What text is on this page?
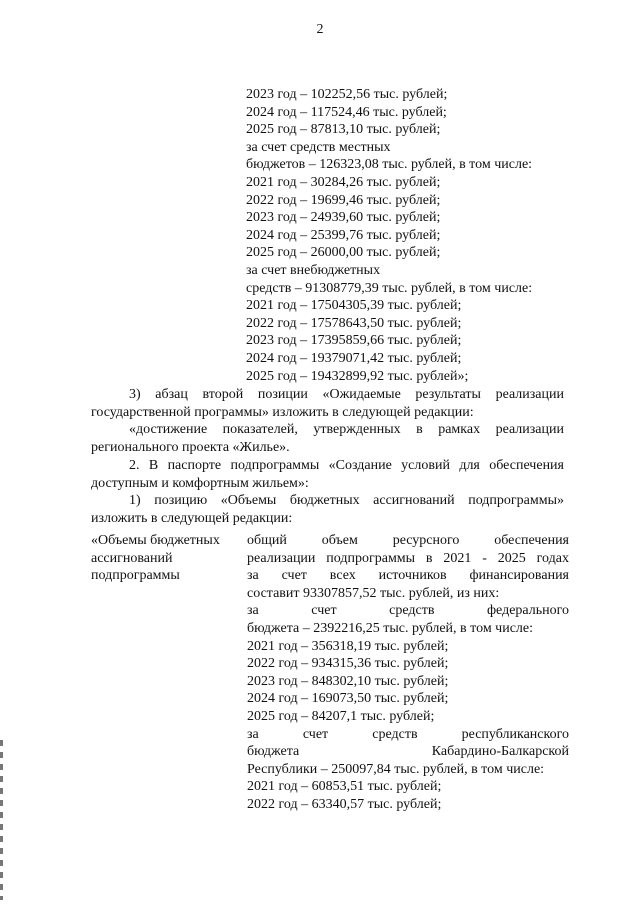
2
2023 год – 102252,56 тыс. рублей;
2024 год – 117524,46 тыс. рублей;
2025 год – 87813,10 тыс. рублей;
за счет средств местных
бюджетов – 126323,08 тыс. рублей, в том числе:
2021 год – 30284,26 тыс. рублей;
2022 год – 19699,46 тыс. рублей;
2023 год – 24939,60 тыс. рублей;
2024 год – 25399,76 тыс. рублей;
2025 год – 26000,00 тыс. рублей;
за счет внебюджетных
средств – 91308779,39 тыс. рублей, в том числе:
2021 год – 17504305,39 тыс. рублей;
2022 год – 17578643,50 тыс. рублей;
2023 год – 17395859,66 тыс. рублей;
2024 год – 19379071,42 тыс. рублей;
2025 год – 19432899,92 тыс. рублей»;
3) абзац второй позиции «Ожидаемые результаты реализации государственной программы» изложить в следующей редакции:
«достижение показателей, утвержденных в рамках реализации регионального проекта «Жилье».
2. В паспорте подпрограммы «Создание условий для обеспечения доступным и комфортным жильем»:
1) позицию «Объемы бюджетных ассигнований подпрограммы» изложить в следующей редакции:
«Объемы бюджетных
ассигнований
подпрограммы
общий объем ресурсного обеспечения
реализации подпрограммы в 2021 - 2025 годах
за счет всех источников финансирования
составит 93307857,52 тыс. рублей, из них:
за счет средств федерального
бюджета – 2392216,25 тыс. рублей, в том числе:
2021 год – 356318,19 тыс. рублей;
2022 год – 934315,36 тыс. рублей;
2023 год – 848302,10 тыс. рублей;
2024 год – 169073,50 тыс. рублей;
2025 год – 84207,1 тыс. рублей;
за счет средств республиканского
бюджета Кабардино-Балкарской
Республики – 250097,84 тыс. рублей, в том числе:
2021 год – 60853,51 тыс. рублей;
2022 год – 63340,57 тыс. рублей;
